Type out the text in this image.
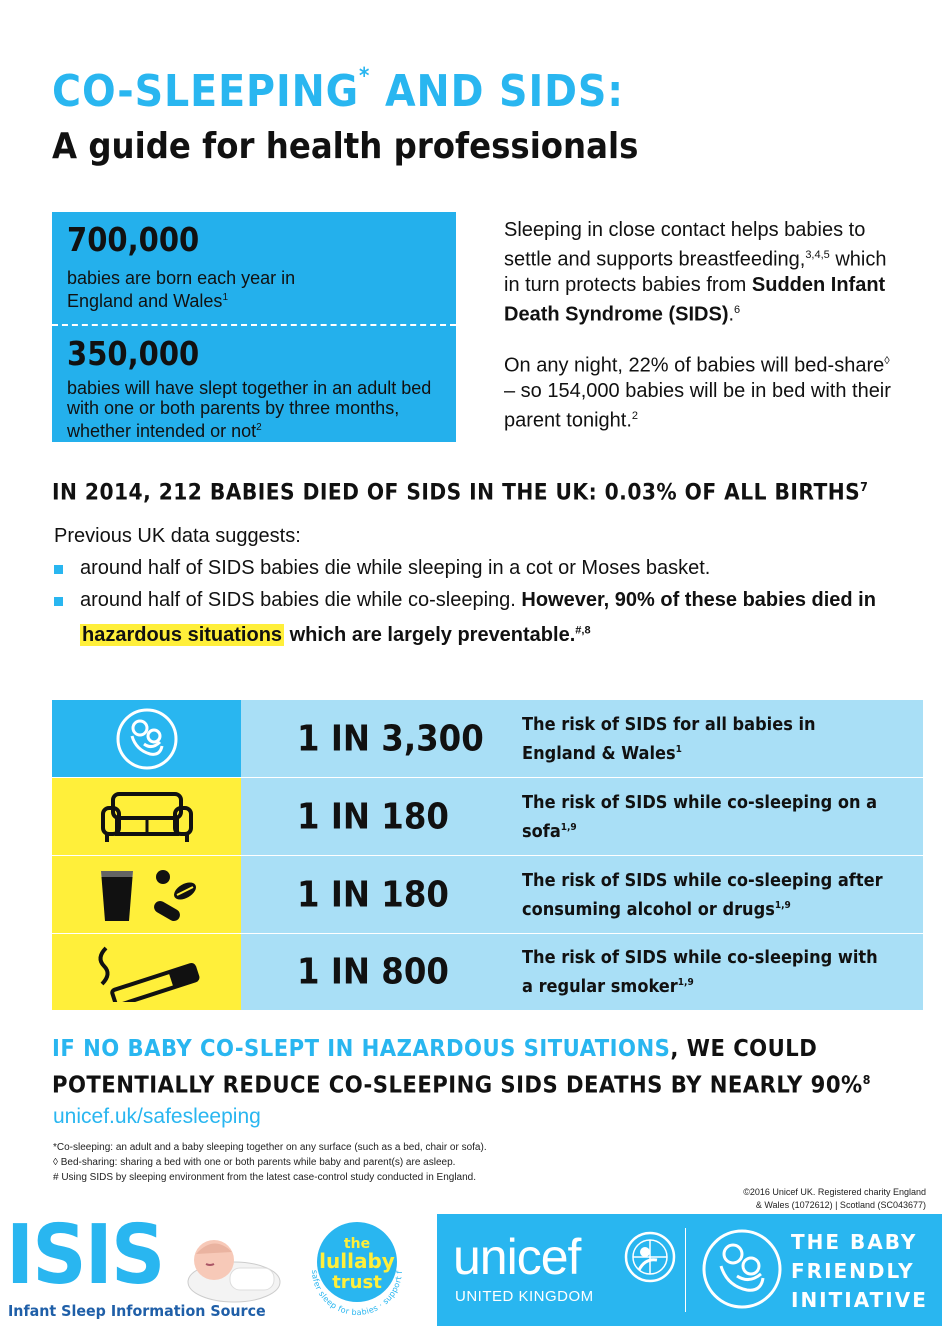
CO-SLEEPING* AND SIDS:
A guide for health professionals
700,000
babies are born each year in England and Wales$^1$
350,000
babies will have slept together in an adult bed with one or both parents by three months, whether intended or not$^2$

Sleeping in close contact helps babies to settle and supports breastfeeding,$^{3,4,5}$ which in turn protects babies from Sudden Infant Death Syndrome (SIDS).$^6$

On any night, 22% of babies will bed-share◊ – so 154,000 babies will be in bed with their parent tonight.$^2$

IN 2014, 212 BABIES DIED OF SIDS IN THE UK: 0.03% OF ALL BIRTHS$^7$
Previous UK data suggests:
around half of SIDS babies die while sleeping in a cot or Moses basket.
around half of SIDS babies die while co-sleeping. However, 90% of these babies died in hazardous situations which are largely preventable.$^{\#,8}$
1 IN 3,300 The risk of SIDS for all babies in England & Wales$^1$
1 IN 180	The risk of SIDS while co-sleeping on a sofa$^{1,9}$
1 IN 180	The risk of SIDS while co-sleeping after consuming alcohol or drugs$^{1,9}$
1 IN 800	The risk of SIDS while co-sleeping with a regular smoker$^{1,9}$
IF NO BABY CO-SLEPT IN HAZARDOUS SITUATIONS, WE COULD
POTENTIALLY REDUCE CO-SLEEPING SIDS DEATHS BY NEARLY 90%$^8$
unicef.uk/safesleeping
*Co-sleeping: an adult and a baby sleeping together on any surface (such as a bed, chair or sofa).
◊ Bed-sharing: sharing a bed with one or both parents while baby and parent(s) are asleep.
# Using SIDS by sleeping environment from the latest case-control study conducted in England.
©2016 Unicef UK. Registered charity England
& Wales (1072612) | Scotland (SC043677)
ISIS
Infant Sleep Information Source
safer sleep for babies · support f
the
lullaby
trust unicef
UNITED KINGDOM
THE BABY
FRIENDLY
INITIATIVE
